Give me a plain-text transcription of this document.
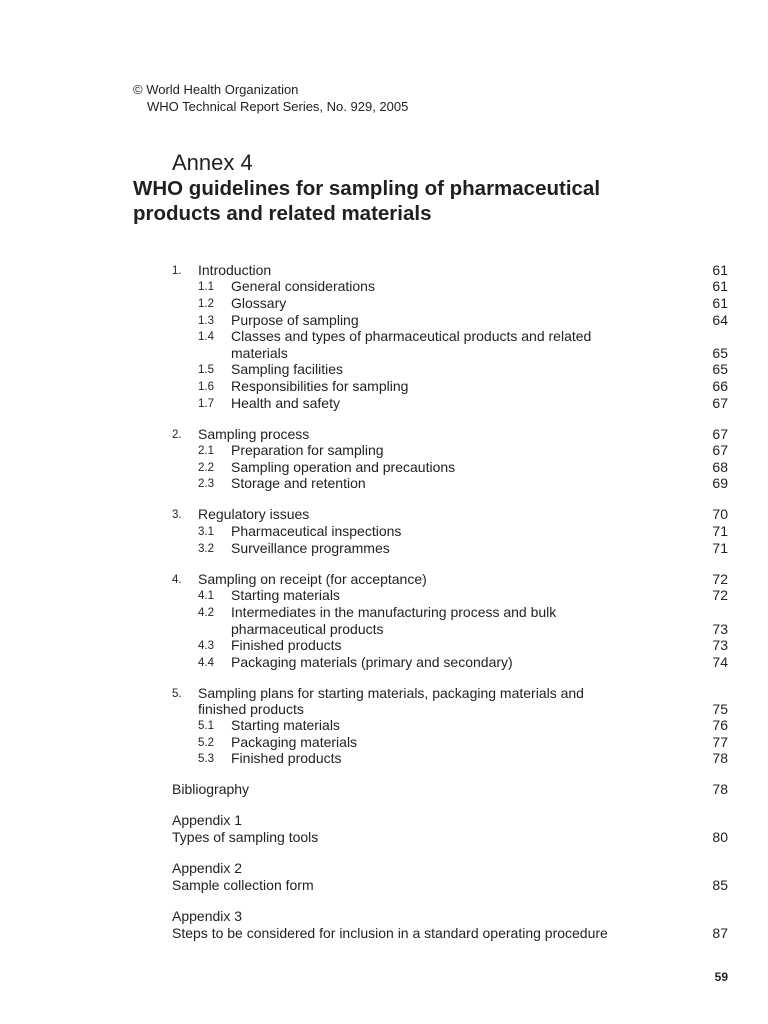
© World Health Organization
WHO Technical Report Series, No. 929, 2005
Annex 4
WHO guidelines for sampling of pharmaceutical
products and related materials
1. Introduction	61
1.1 General considerations	61
1.2 Glossary	61
1.3 Purpose of sampling	64
1.4 Classes and types of pharmaceutical products and related
materials	65
1.5 Sampling facilities	65
1.6 Responsibilities for sampling	66
1.7 Health and safety	67
2. Sampling process	67
2.1 Preparation for sampling	67
2.2 Sampling operation and precautions	68
2.3 Storage and retention	69
3. Regulatory issues	70
3.1 Pharmaceutical inspections	71
3.2 Surveillance programmes	71
4. Sampling on receipt (for acceptance)	72
4.1 Starting materials	72
4.2 Intermediates in the manufacturing process and bulk
pharmaceutical products	73
4.3 Finished products	73
4.4 Packaging materials (primary and secondary)	74
5. Sampling plans for starting materials, packaging materials and
finished products	75
5.1 Starting materials	76
5.2 Packaging materials	77
5.3 Finished products	78
Bibliography	78
Appendix 1
Types of sampling tools	80
Appendix 2
Sample collection form	85
Appendix 3
Steps to be considered for inclusion in a standard operating procedure	87
59
